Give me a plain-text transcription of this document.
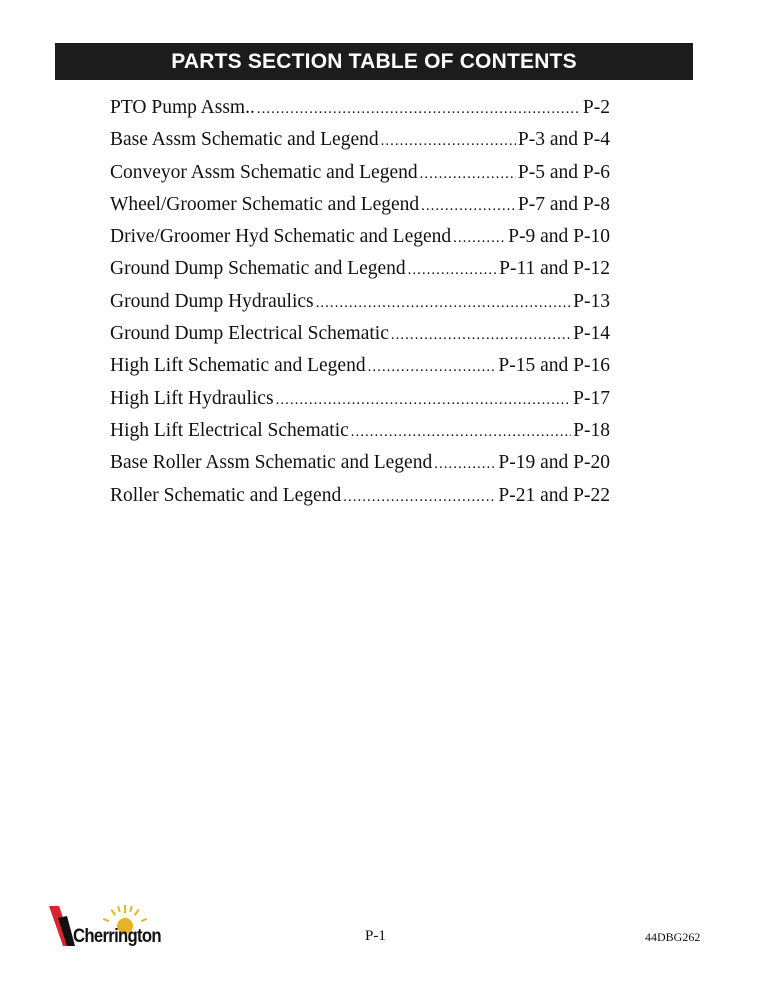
PARTS SECTION TABLE OF CONTENTS
PTO Pump Assm.. .....	P-2
Base Assm Schematic and Legend .....	P-3 and P-4
Conveyor Assm Schematic and Legend .....	P-5 and P-6
Wheel/Groomer Schematic and Legend .....	P-7 and P-8
Drive/Groomer Hyd Schematic and Legend .....	P-9 and P-10
Ground Dump Schematic and Legend .....	P-11 and P-12
Ground Dump Hydraulics .....	P-13
Ground Dump Electrical Schematic .....	P-14
High Lift Schematic and Legend .....	P-15 and P-16
High Lift Hydraulics .....	P-17
High Lift Electrical Schematic .....	P-18
Base Roller Assm Schematic and Legend .....	P-19 and P-20
Roller Schematic and Legend .....	P-21 and P-22
Cherrington	P-1	44DBG262
